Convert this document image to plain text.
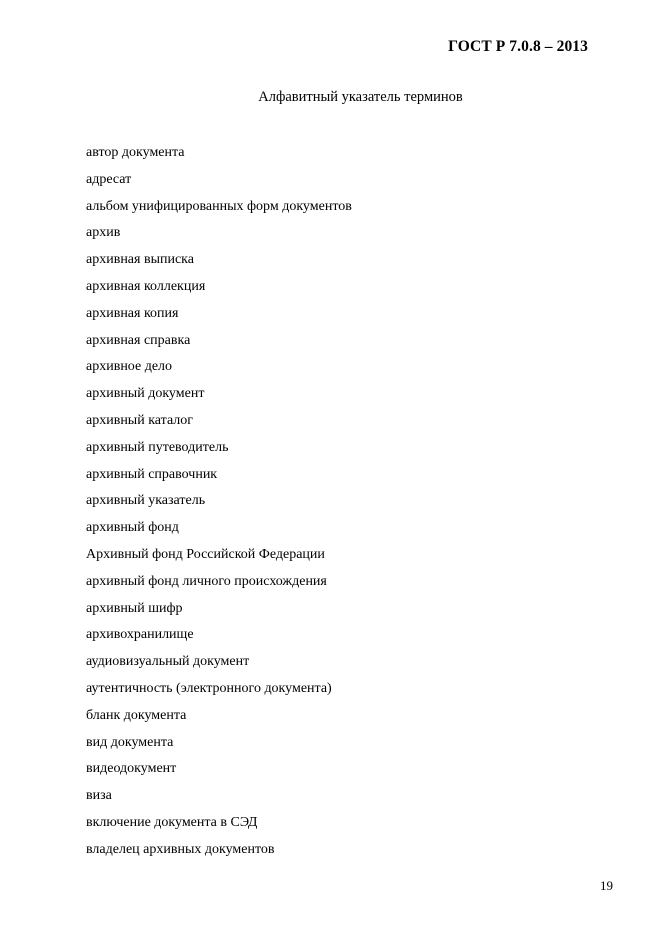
ГОСТ Р 7.0.8 – 2013
Алфавитный указатель терминов
автор документа
адресат
альбом унифицированных форм документов
архив
архивная выписка
архивная коллекция
архивная копия
архивная справка
архивное дело
архивный документ
архивный каталог
архивный путеводитель
архивный справочник
архивный указатель
архивный фонд
Архивный фонд Российской Федерации
архивный фонд личного происхождения
архивный шифр
архивохранилище
аудиовизуальный документ
аутентичность (электронного документа)
бланк документа
вид документа
видеодокумент
виза
включение документа в СЭД
владелец архивных документов
19
